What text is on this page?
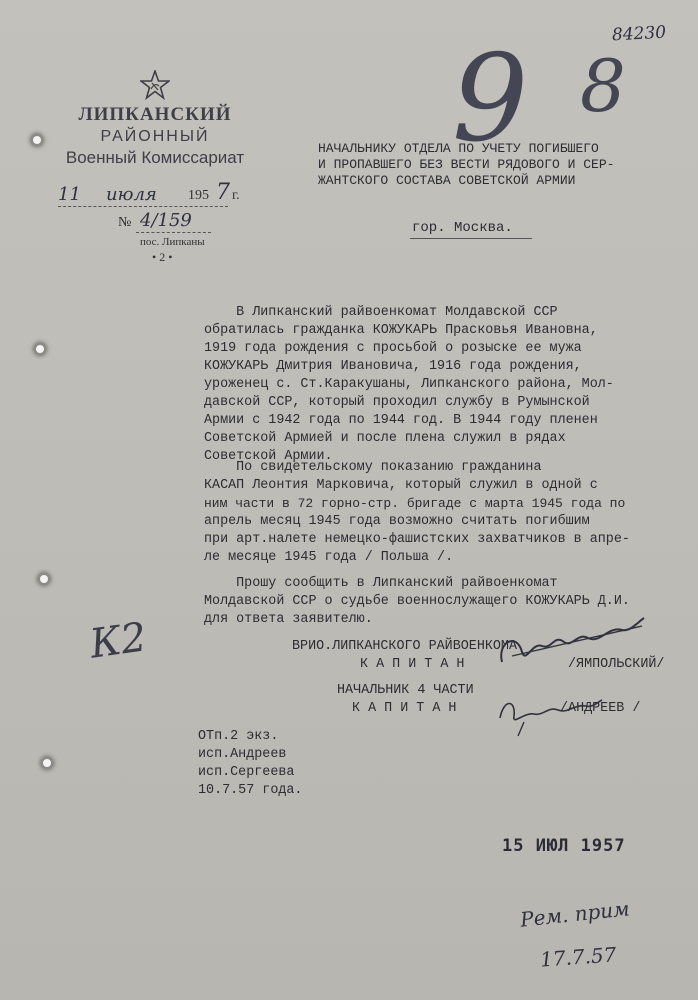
84230
9 8
ЛИПКАНСКИЙ
РАЙОННЫЙ
Военный Комиссариат
11 июля 195 7 г.
№ 4/159
пос. Липканы
• 2 •
НАЧАЛЬНИКУ ОТДЕЛА ПО УЧЕТУ ПОГИБШЕГО
И ПРОПАВШЕГО БЕЗ ВЕСТИ РЯДОВОГО И СЕР-
ЖАНТСКОГО СОСТАВА СОВЕТСКОЙ АРМИИ
гор. Москва.
В Липканский райвоенкомат Молдавской ССР
обратилась гражданка КОЖУКАРЬ Прасковья Ивановна,
1919 года рождения с просьбой о розыске ее мужа
КОЖУКАРЬ Дмитрия Ивановича, 1916 года рождения,
уроженец с. Ст.Каракушаны, Липканского района, Мол-
давской ССР, который проходил службу в Румынской
Армии с 1942 года по 1944 год. В 1944 году пленен
Советской Армией и после плена служил в рядах
Советской Армии.
По свидетельскому показанию гражданина
КАСАП Леонтия Марковича, который служил в одной с
ним части в 72 горно-стр. бригаде с марта 1945 года по
апрель месяц 1945 года возможно считать погибшим
при арт.налете немецко-фашистских захватчиков в апре-
ле месяце 1945 года / Польша /.
Прошу сообщить в Липканский райвоенкомат
Молдавской ССР о судьбе военнослужащего КОЖУКАРЬ Д.И.
для ответа заявителю.
К2	ВРИО.ЛИПКАНСКОГО РАЙВОЕНКОМА
К А П И Т А Н	/ЯМПОЛЬСКИЙ/
НАЧАЛЬНИК 4 ЧАСТИ
К А П И Т А Н	/АНДРЕЕВ /
ОТп.2 экз.
исп.Андреев
исп.Сергеева
10.7.57 года.
15 ИЮЛ 1957
Рем. прим
17.7.57
